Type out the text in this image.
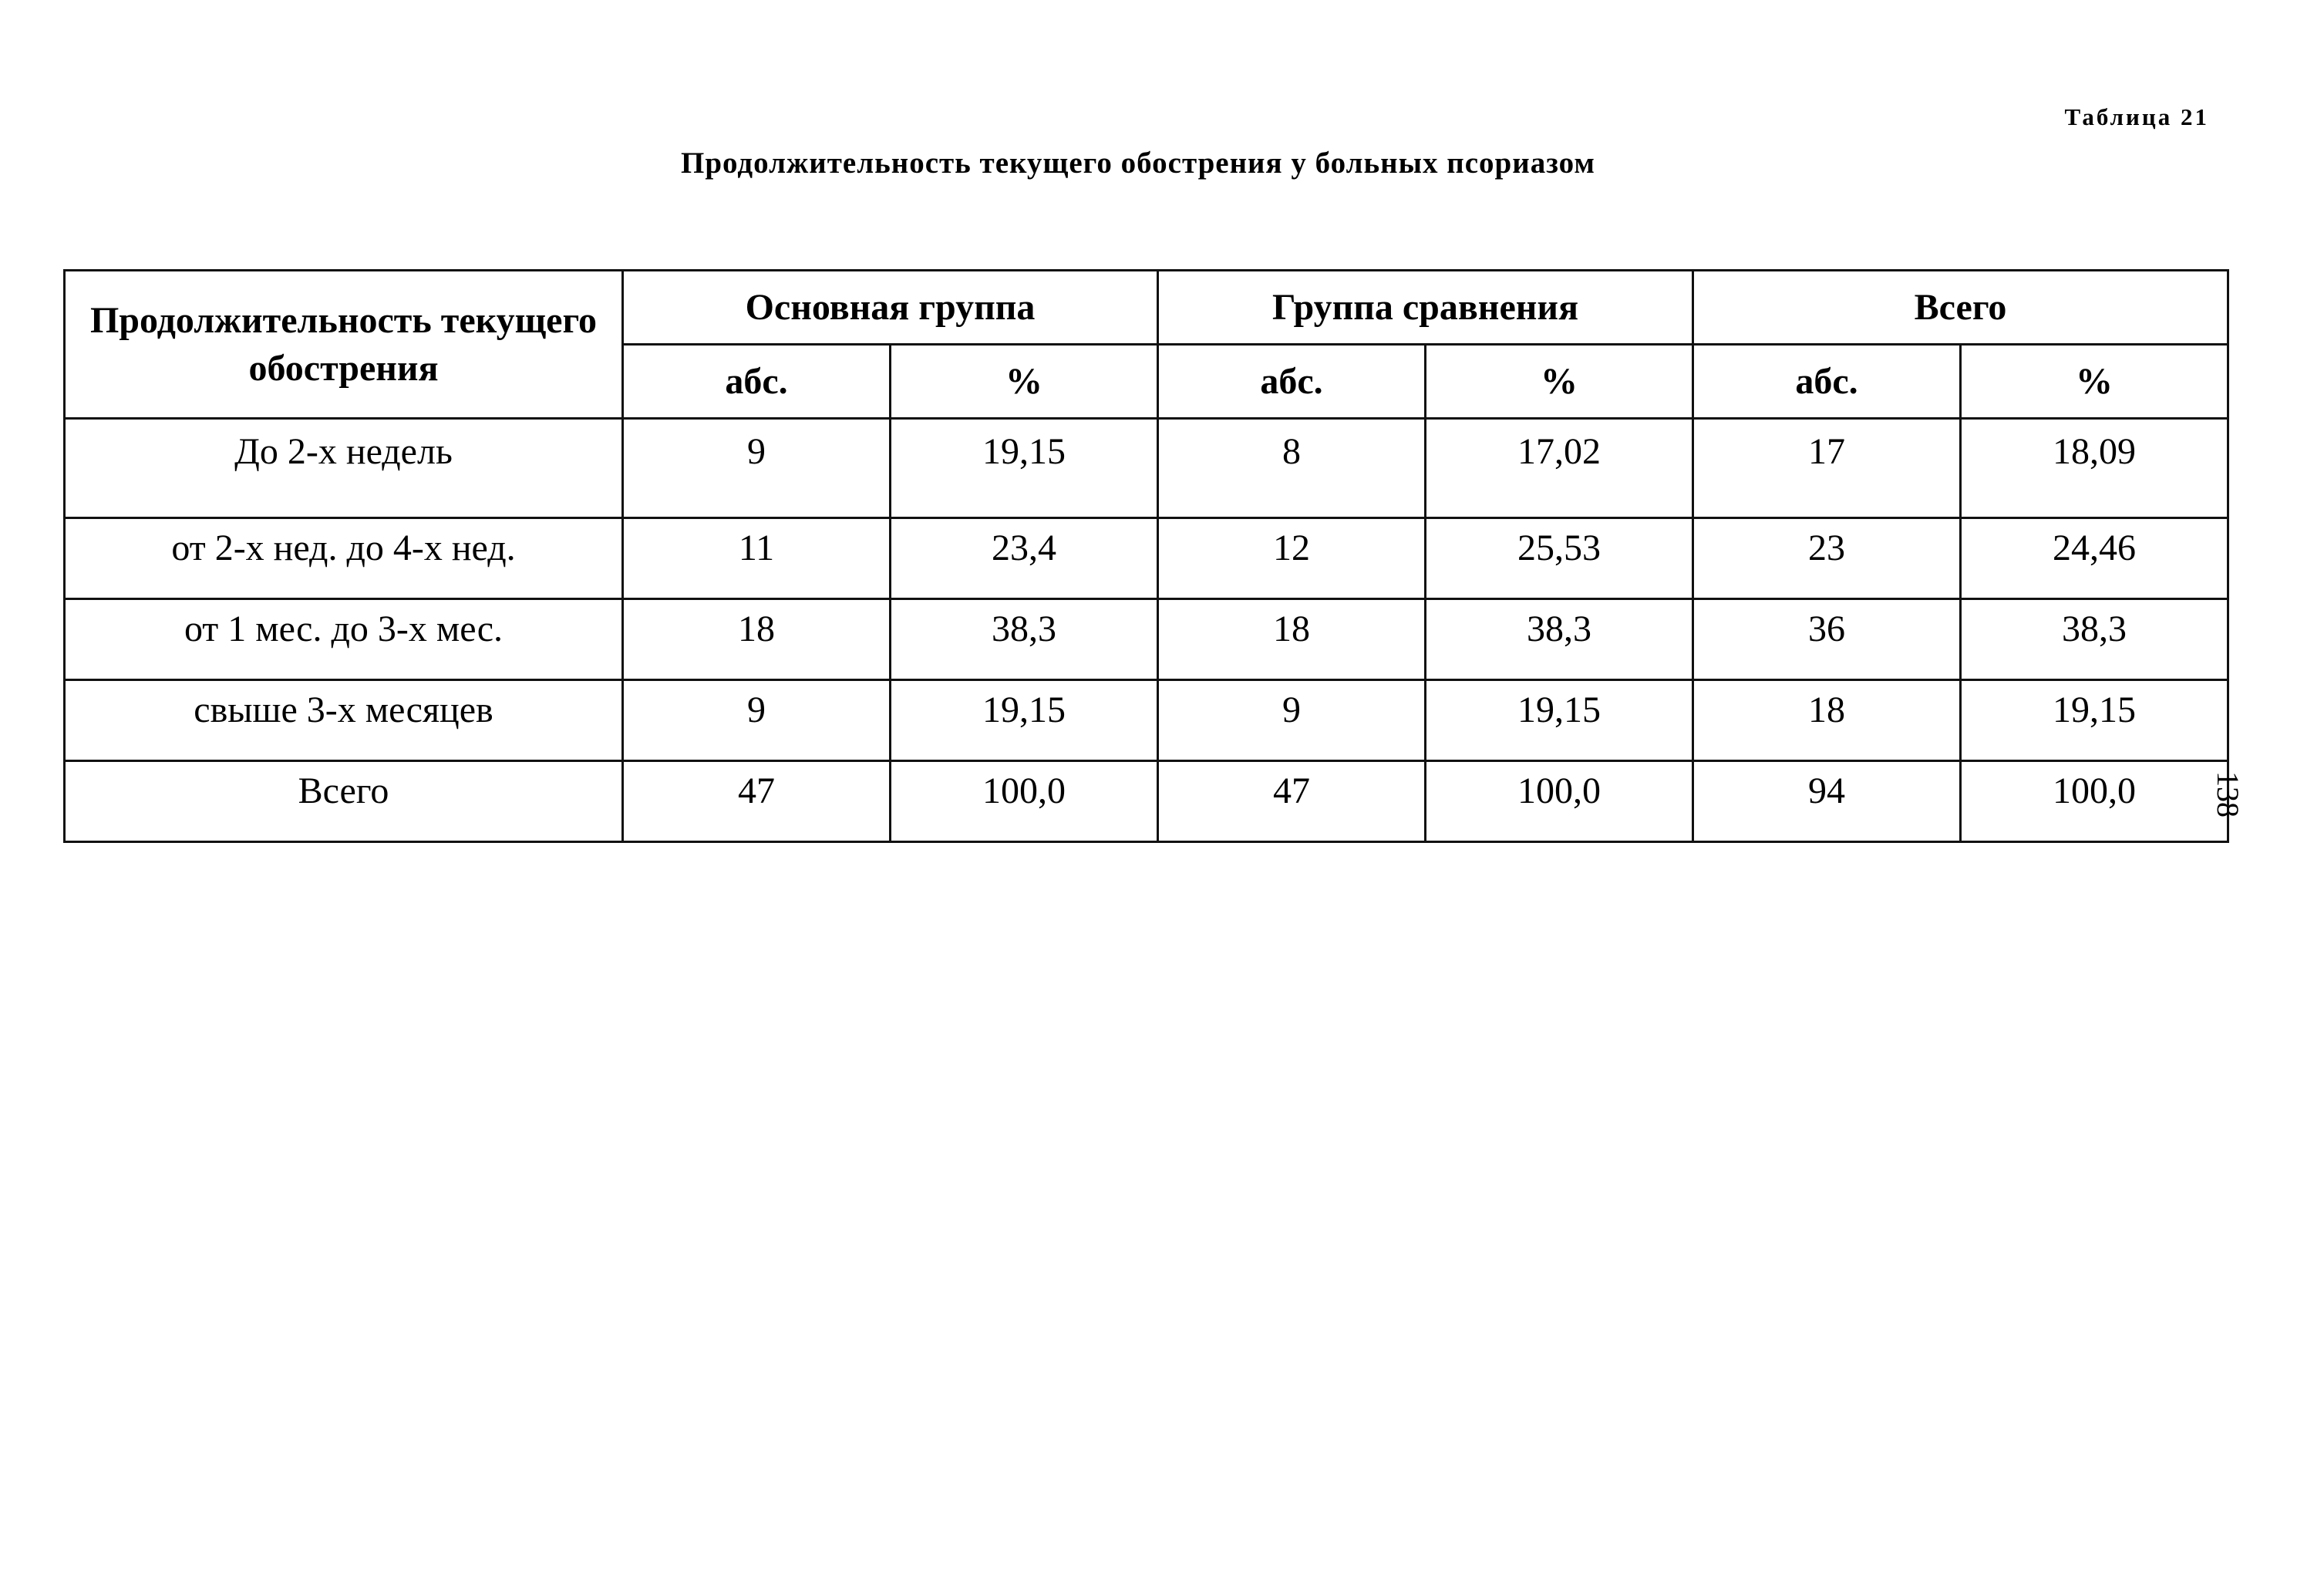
Таблица 21
Продолжительность текущего обострения у больных псориазом
Продолжительность текущего обострения	Основная группа		Группа сравнения		Всего	
	абс.	%	абс.	%	абс.	%
До 2-х недель	9	19,15	8	17,02	17	18,09
от 2-х нед. до 4-х нед.	11	23,4	12	25,53	23	24,46
от 1 мес. до 3-х мес.	18	38,3	18	38,3	36	38,3
свыше 3-х месяцев	9	19,15	9	19,15	18	19,15
Всего	47	100,0	47	100,0	94	100,0 138
